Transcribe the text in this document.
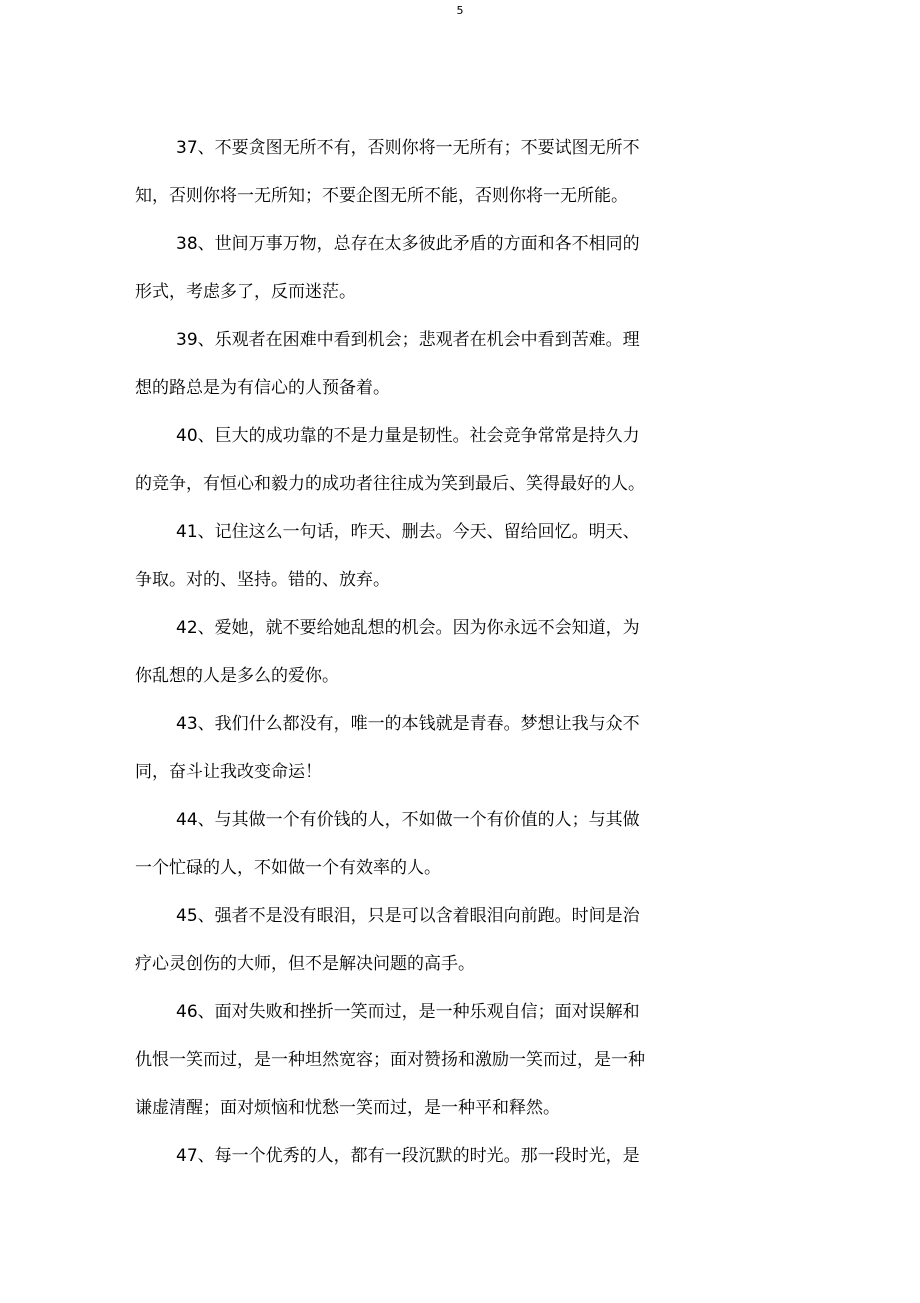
5

37、不要贪图无所不有，否则你将一无所有；不要试图无所不
知，否则你将一无所知；不要企图无所不能，否则你将一无所能。

38、世间万事万物，总存在太多彼此矛盾的方面和各不相同的
形式，考虑多了，反而迷茫。

39、乐观者在困难中看到机会；悲观者在机会中看到苦难。理
想的路总是为有信心的人预备着。

40、巨大的成功靠的不是力量是韧性。社会竞争常常是持久力
的竞争，有恒心和毅力的成功者往往成为笑到最后、笑得最好的人。

41、记住这么一句话，昨天、删去。今天、留给回忆。明天、
争取。对的、坚持。错的、放弃。

42、爱她，就不要给她乱想的机会。因为你永远不会知道，为
你乱想的人是多么的爱你。

43、我们什么都没有，唯一的本钱就是青春。梦想让我与众不
同，奋斗让我改变命运！

44、与其做一个有价钱的人，不如做一个有价值的人；与其做
一个忙碌的人，不如做一个有效率的人。

45、强者不是没有眼泪，只是可以含着眼泪向前跑。时间是治
疗心灵创伤的大师，但不是解决问题的高手。

46、面对失败和挫折一笑而过，是一种乐观自信；面对误解和
仇恨一笑而过，是一种坦然宽容；面对赞扬和激励一笑而过，是一种
谦虚清醒；面对烦恼和忧愁一笑而过，是一种平和释然。

47、每一个优秀的人，都有一段沉默的时光。那一段时光，是
